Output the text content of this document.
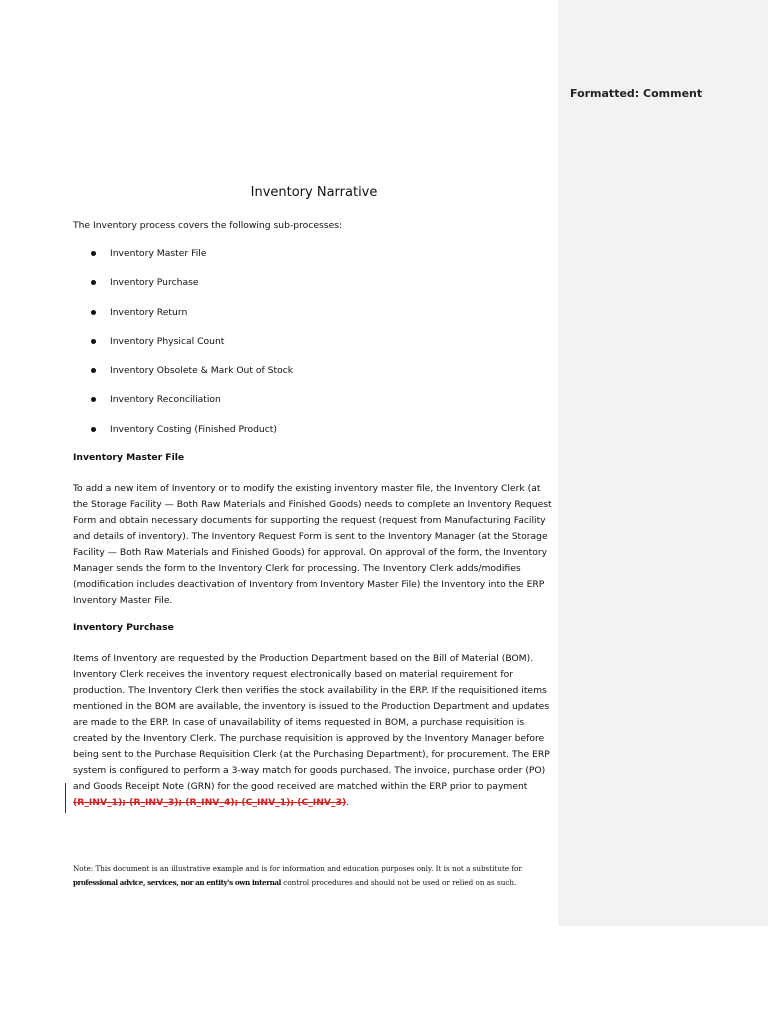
Formatted: Comment
Inventory Narrative
The Inventory process covers the following sub-processes:
Inventory Master File
Inventory Purchase
Inventory Return
Inventory Physical Count
Inventory Obsolete & Mark Out of Stock
Inventory Reconciliation
Inventory Costing (Finished Product)
Inventory Master File
To add a new item of Inventory or to modify the existing inventory master file, the Inventory Clerk (at
the Storage Facility — Both Raw Materials and Finished Goods) needs to complete an Inventory Request
Form and obtain necessary documents for supporting the request (request from Manufacturing Facility
and details of inventory). The Inventory Request Form is sent to the Inventory Manager (at the Storage
Facility — Both Raw Materials and Finished Goods) for approval. On approval of the form, the Inventory
Manager sends the form to the Inventory Clerk for processing. The Inventory Clerk adds/modifies
(modification includes deactivation of Inventory from Inventory Master File) the Inventory into the ERP
Inventory Master File.
Inventory Purchase
Items of Inventory are requested by the Production Department based on the Bill of Material (BOM).
Inventory Clerk receives the inventory request electronically based on material requirement for
production. The Inventory Clerk then verifies the stock availability in the ERP. If the requisitioned items
mentioned in the BOM are available, the inventory is issued to the Production Department and updates
are made to the ERP. In case of unavailability of items requested in BOM, a purchase requisition is
created by the Inventory Clerk. The purchase requisition is approved by the Inventory Manager before
being sent to the Purchase Requisition Clerk (at the Purchasing Department), for procurement. The ERP
system is configured to perform a 3-way match for goods purchased. The invoice, purchase order (PO)
and Goods Receipt Note (GRN) for the good received are matched within the ERP prior to payment
(R_INV_1); (R_INV_3); (R_INV_4); (C_INV_1); (C_INV_3).
Note: This document is an illustrative example and is for information and education purposes only. It is not a substitute for
professional advice, services, nor an entity's own internal control procedures and should not be used or relied on as such.
